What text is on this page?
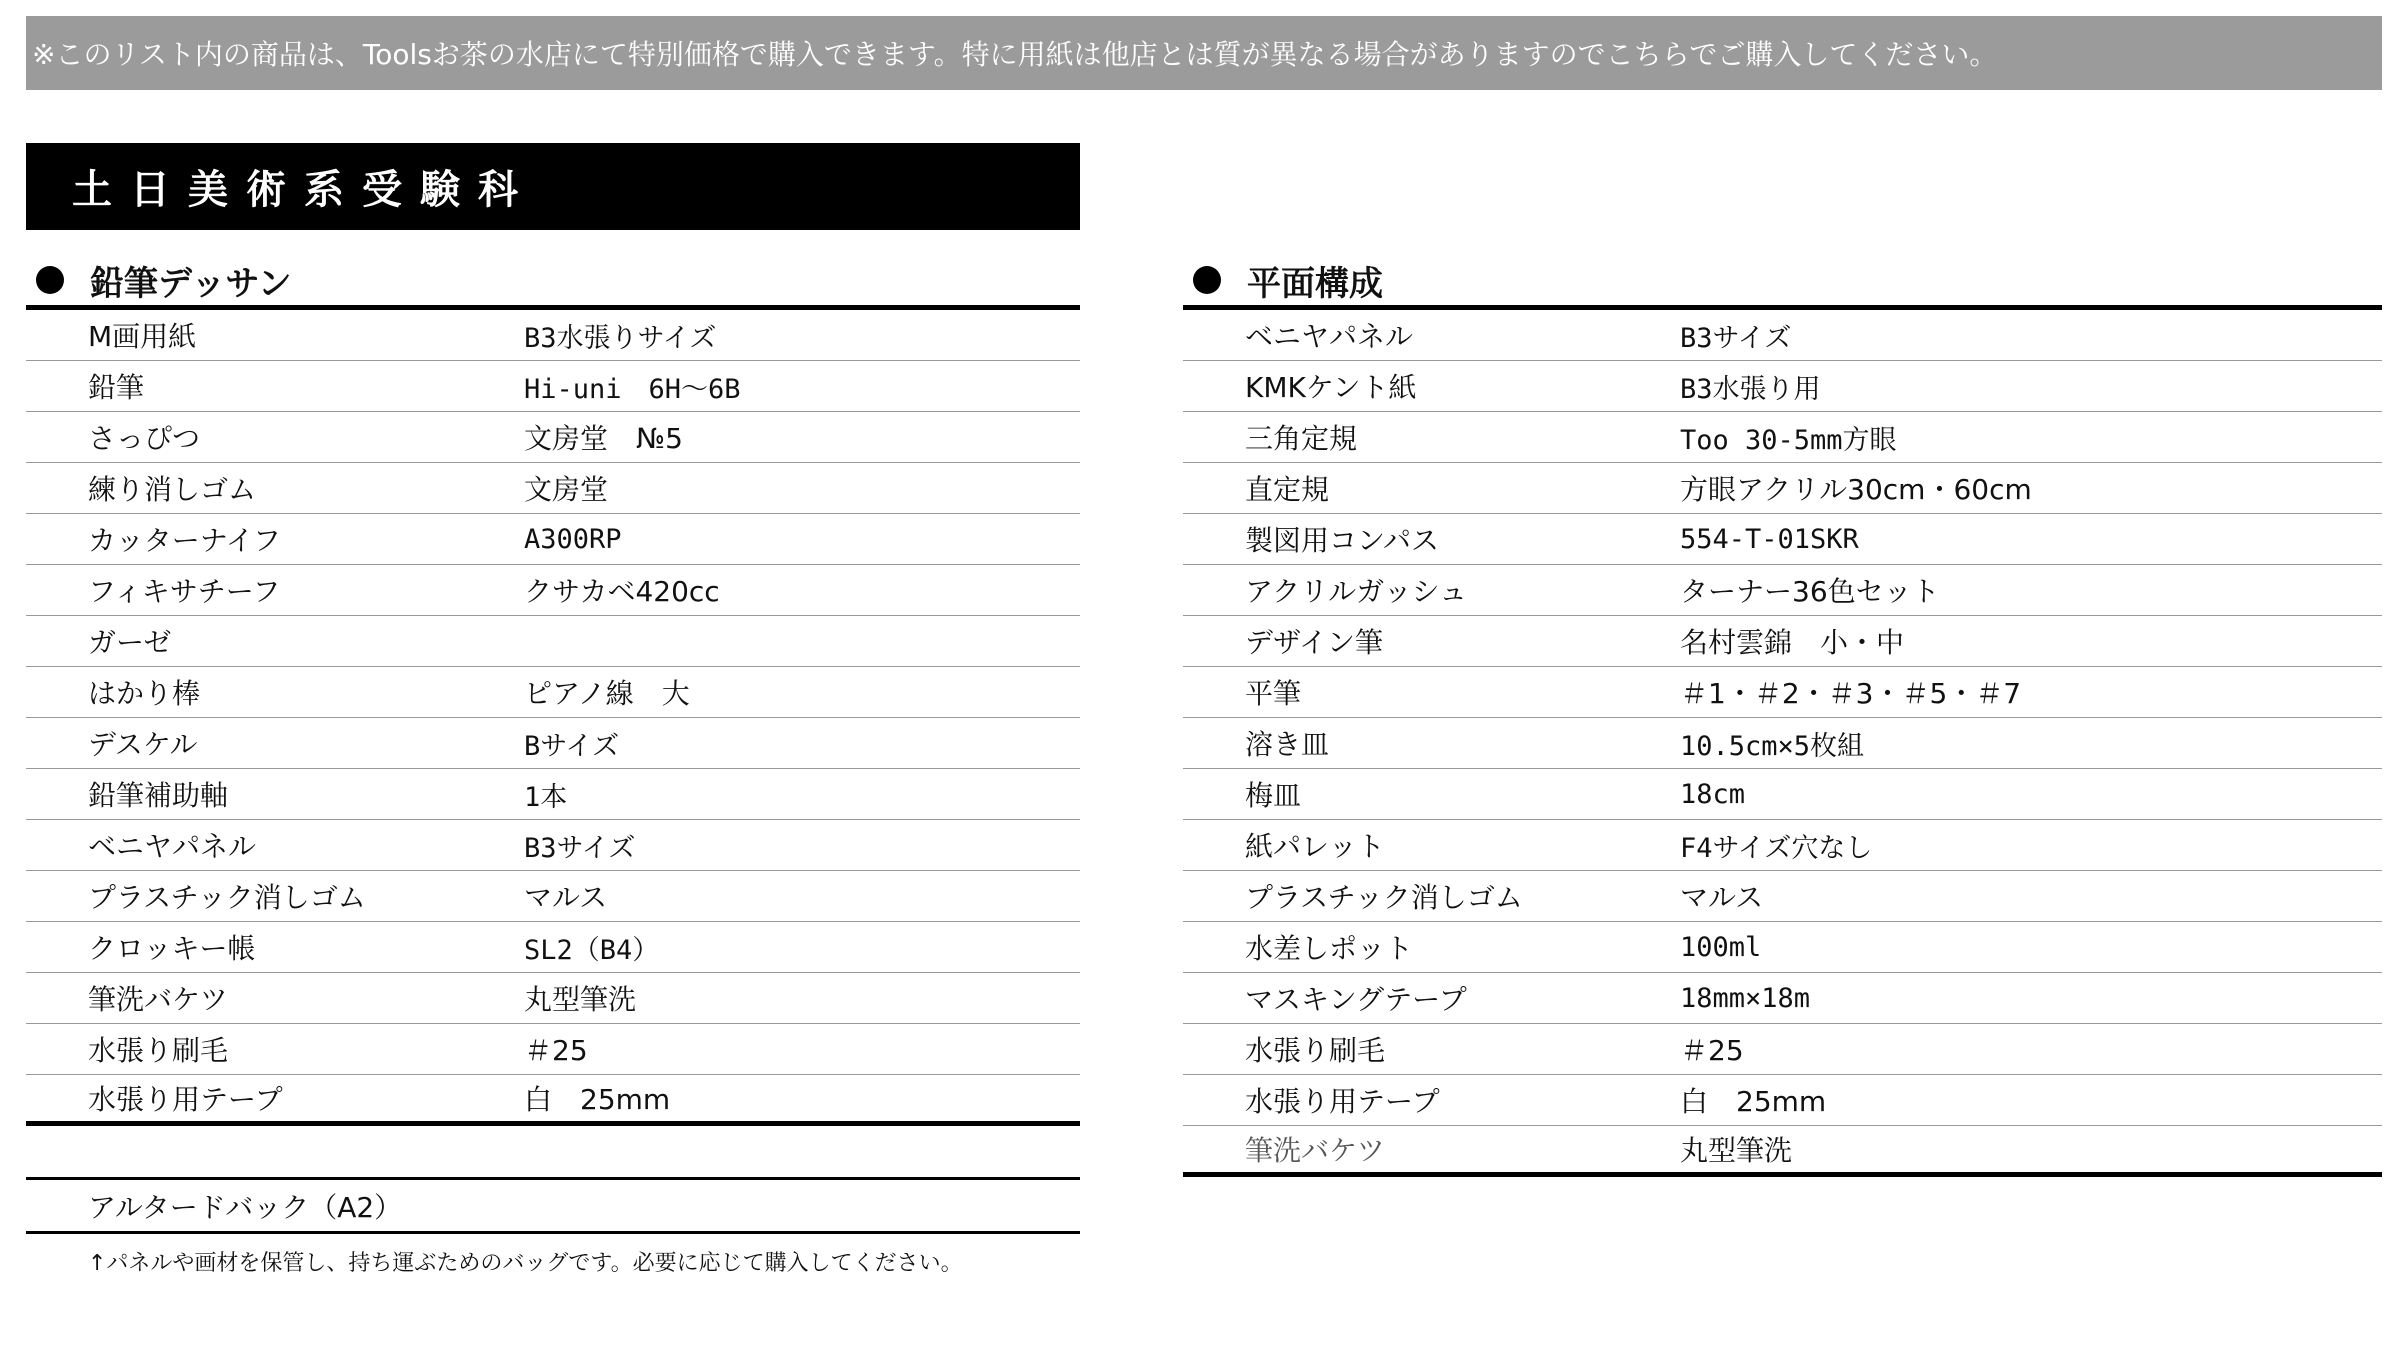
※このリスト内の商品は、Toolsお茶の水店にて特別価格で購入できます。特に用紙は他店とは質が異なる場合がありますのでこちらでご購入してください。
土日美術系受験科
鉛筆デッサン
M画用紙	B3水張りサイズ
鉛筆	Hi-uni　6H～6B
さっぴつ	文房堂　№5
練り消しゴム	文房堂
カッターナイフ	A300RP
フィキサチーフ	クサカベ420cc
ガーゼ
はかり棒	ピアノ線　大
デスケル	Bサイズ
鉛筆補助軸	1本
ベニヤパネル	B3サイズ
プラスチック消しゴム	マルス
クロッキー帳	SL2（B4）
筆洗バケツ	丸型筆洗
水張り刷毛	＃25
水張り用テープ	白　25mm
アルタードバック（A2）
↑パネルや画材を保管し、持ち運ぶためのバッグです。必要に応じて購入してください。
平面構成
ベニヤパネル	B3サイズ
KMKケント紙	B3水張り用
三角定規	Too 30-5mm方眼
直定規	方眼アクリル30cm・60cm
製図用コンパス	554-T-01SKR
アクリルガッシュ	ターナー36色セット
デザイン筆	名村雲錦　小・中
平筆	＃1・＃2・＃3・＃5・＃7
溶き皿	10.5cm×5枚組
梅皿	18cm
紙パレット	F4サイズ穴なし
プラスチック消しゴム	マルス
水差しポット	100ml
マスキングテープ	18mm×18m
水張り刷毛	＃25
水張り用テープ	白　25mm
筆洗バケツ	丸型筆洗
